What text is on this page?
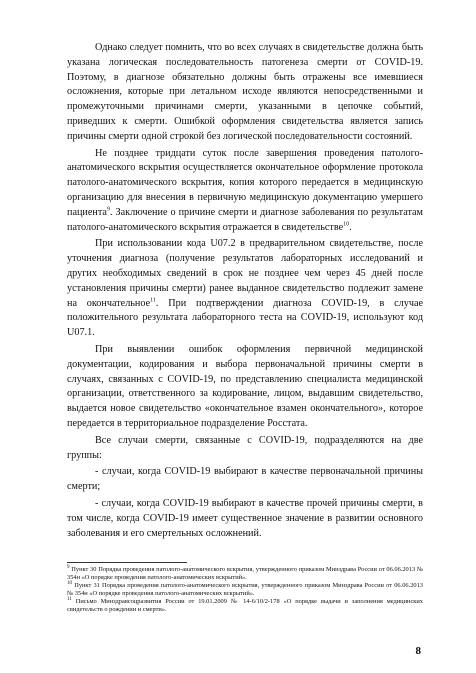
Однако следует помнить, что во всех случаях в свидетельстве должна быть указана логическая последовательность патогенеза смерти от COVID-19. Поэтому, в диагнозе обязательно должны быть отражены все имевшиеся осложнения, которые при летальном исходе являются непосредственными и промежуточными причинами смерти, указанными в цепочке событий, приведших к смерти. Ошибкой оформления свидетельства является запись причины смерти одной строкой без логической последовательности состояний.

Не позднее тридцати суток после завершения проведения патолого-анатомического вскрытия осуществляется окончательное оформление протокола патолого-анатомического вскрытия, копия которого передается в медицинскую организацию для внесения в первичную медицинскую документацию умершего пациента$^9$. Заключение о причине смерти и диагнозе заболевания по результатам патолого-анатомического вскрытия отражается в свидетельстве$^{10}$.

При использовании кода U07.2 в предварительном свидетельстве, после уточнения диагноза (получение результатов лабораторных исследований и других необходимых сведений в срок не позднее чем через 45 дней после установления причины смерти) ранее выданное свидетельство подлежит замене на окончательное$^{11}$. При подтверждении диагноза COVID-19, в случае положительного результата лабораторного теста на COVID-19, используют код U07.1.

При выявлении ошибок оформления первичной медицинской документации, кодирования и выбора первоначальной причины смерти в случаях, связанных с COVID-19, по представлению специалиста медицинской организации, ответственного за кодирование, лицом, выдавшим свидетельство, выдается новое свидетельство «окончательное взамен окончательного», которое передается в территориальное подразделение Росстата.

Все случаи смерти, связанные с COVID-19, подразделяются на две группы:

- случаи, когда COVID-19 выбирают в качестве первоначальной причины смерти;

- случаи, когда COVID-19 выбирают в качестве прочей причины смерти, в том числе, когда COVID-19 имеет существенное значение в развитии основного заболевания и его смертельных осложнений.

$^9$ Пункт 30 Порядка проведения патолого-анатомического вскрытия, утвержденного приказом Минздрава России от 06.06.2013 № 354н «О порядке проведения патолого-анатомических вскрытий».

$^{10}$ Пункт 31 Порядка проведения патолого-анатомического вскрытия, утвержденного приказом Минздрава России от 06.06.2013 № 354н «О порядке проведения патолого-анатомических вскрытий».

$^{11}$ Письмо Минздравсоцразвития России от 19.01.2009 № 14-6/10/2-178 «О порядке выдачи и заполнения медицинских свидетельств о рождении и смерти».

8
